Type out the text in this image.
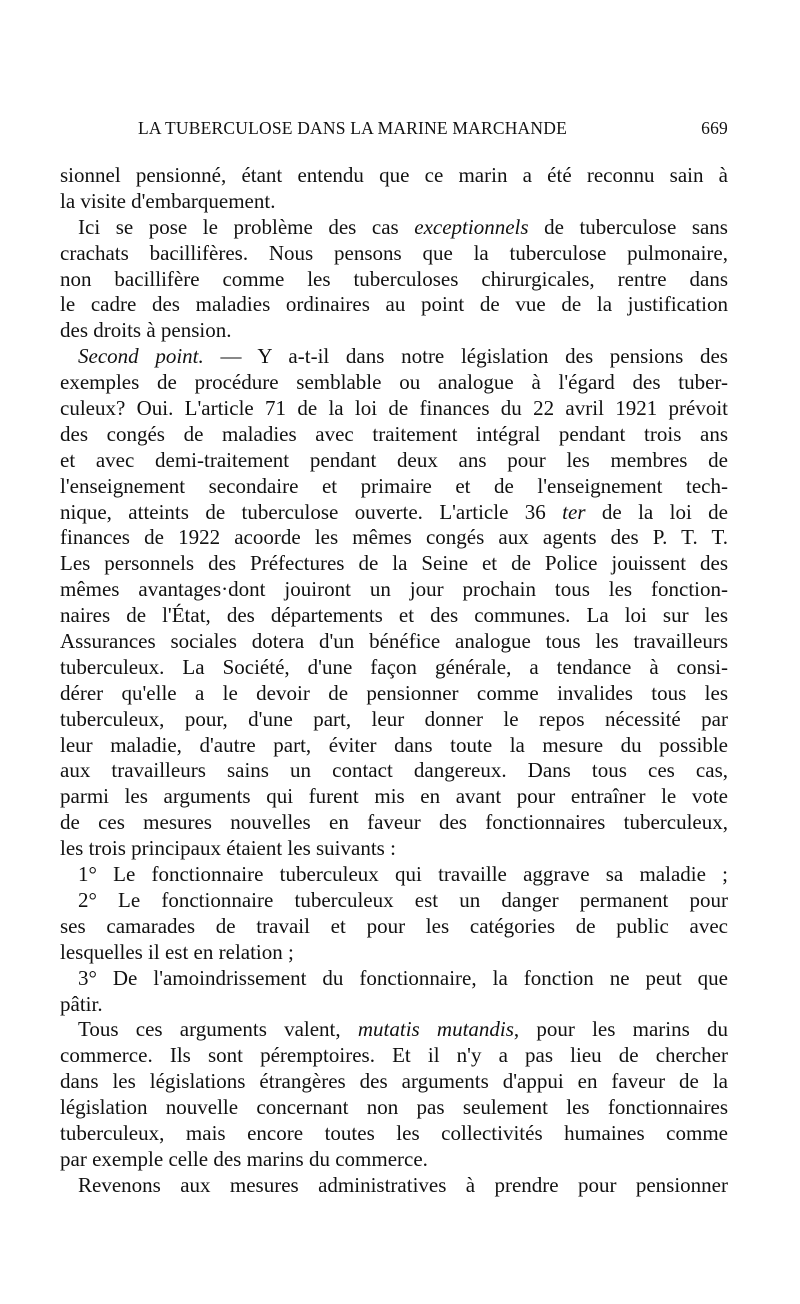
LA TUBERCULOSE DANS LA MARINE MARCHANDE	669
sionnel pensionné, étant entendu que ce marin a été reconnu sain à
la visite d'embarquement.
Ici se pose le problème des cas exceptionnels de tuberculose sans
crachats bacillifères. Nous pensons que la tuberculose pulmonaire,
non bacillifère comme les tuberculoses chirurgicales, rentre dans
le cadre des maladies ordinaires au point de vue de la justification
des droits à pension.
Second point. — Y a-t-il dans notre législation des pensions des
exemples de procédure semblable ou analogue à l'égard des tuber-
culeux? Oui. L'article 71 de la loi de finances du 22 avril 1921 prévoit
des congés de maladies avec traitement intégral pendant trois ans
et avec demi-traitement pendant deux ans pour les membres de
l'enseignement secondaire et primaire et de l'enseignement tech-
nique, atteints de tuberculose ouverte. L'article 36 ter de la loi de
finances de 1922 acoorde les mêmes congés aux agents des P. T. T.
Les personnels des Préfectures de la Seine et de Police jouissent des
mêmes avantages·dont jouiront un jour prochain tous les fonction-
naires de l'État, des départements et des communes. La loi sur les
Assurances sociales dotera d'un bénéfice analogue tous les travailleurs
tuberculeux. La Société, d'une façon générale, a tendance à consi-
dérer qu'elle a le devoir de pensionner comme invalides tous les
tuberculeux, pour, d'une part, leur donner le repos nécessité par
leur maladie, d'autre part, éviter dans toute la mesure du possible
aux travailleurs sains un contact dangereux. Dans tous ces cas,
parmi les arguments qui furent mis en avant pour entraîner le vote
de ces mesures nouvelles en faveur des fonctionnaires tuberculeux,
les trois principaux étaient les suivants :
1° Le fonctionnaire tuberculeux qui travaille aggrave sa maladie ;
2° Le fonctionnaire tuberculeux est un danger permanent pour
ses camarades de travail et pour les catégories de public avec
lesquelles il est en relation ;
3° De l'amoindrissement du fonctionnaire, la fonction ne peut que
pâtir.
Tous ces arguments valent, mutatis mutandis, pour les marins du
commerce. Ils sont péremptoires. Et il n'y a pas lieu de chercher
dans les législations étrangères des arguments d'appui en faveur de la
législation nouvelle concernant non pas seulement les fonctionnaires
tuberculeux, mais encore toutes les collectivités humaines comme
par exemple celle des marins du commerce.
Revenons aux mesures administratives à prendre pour pensionner
